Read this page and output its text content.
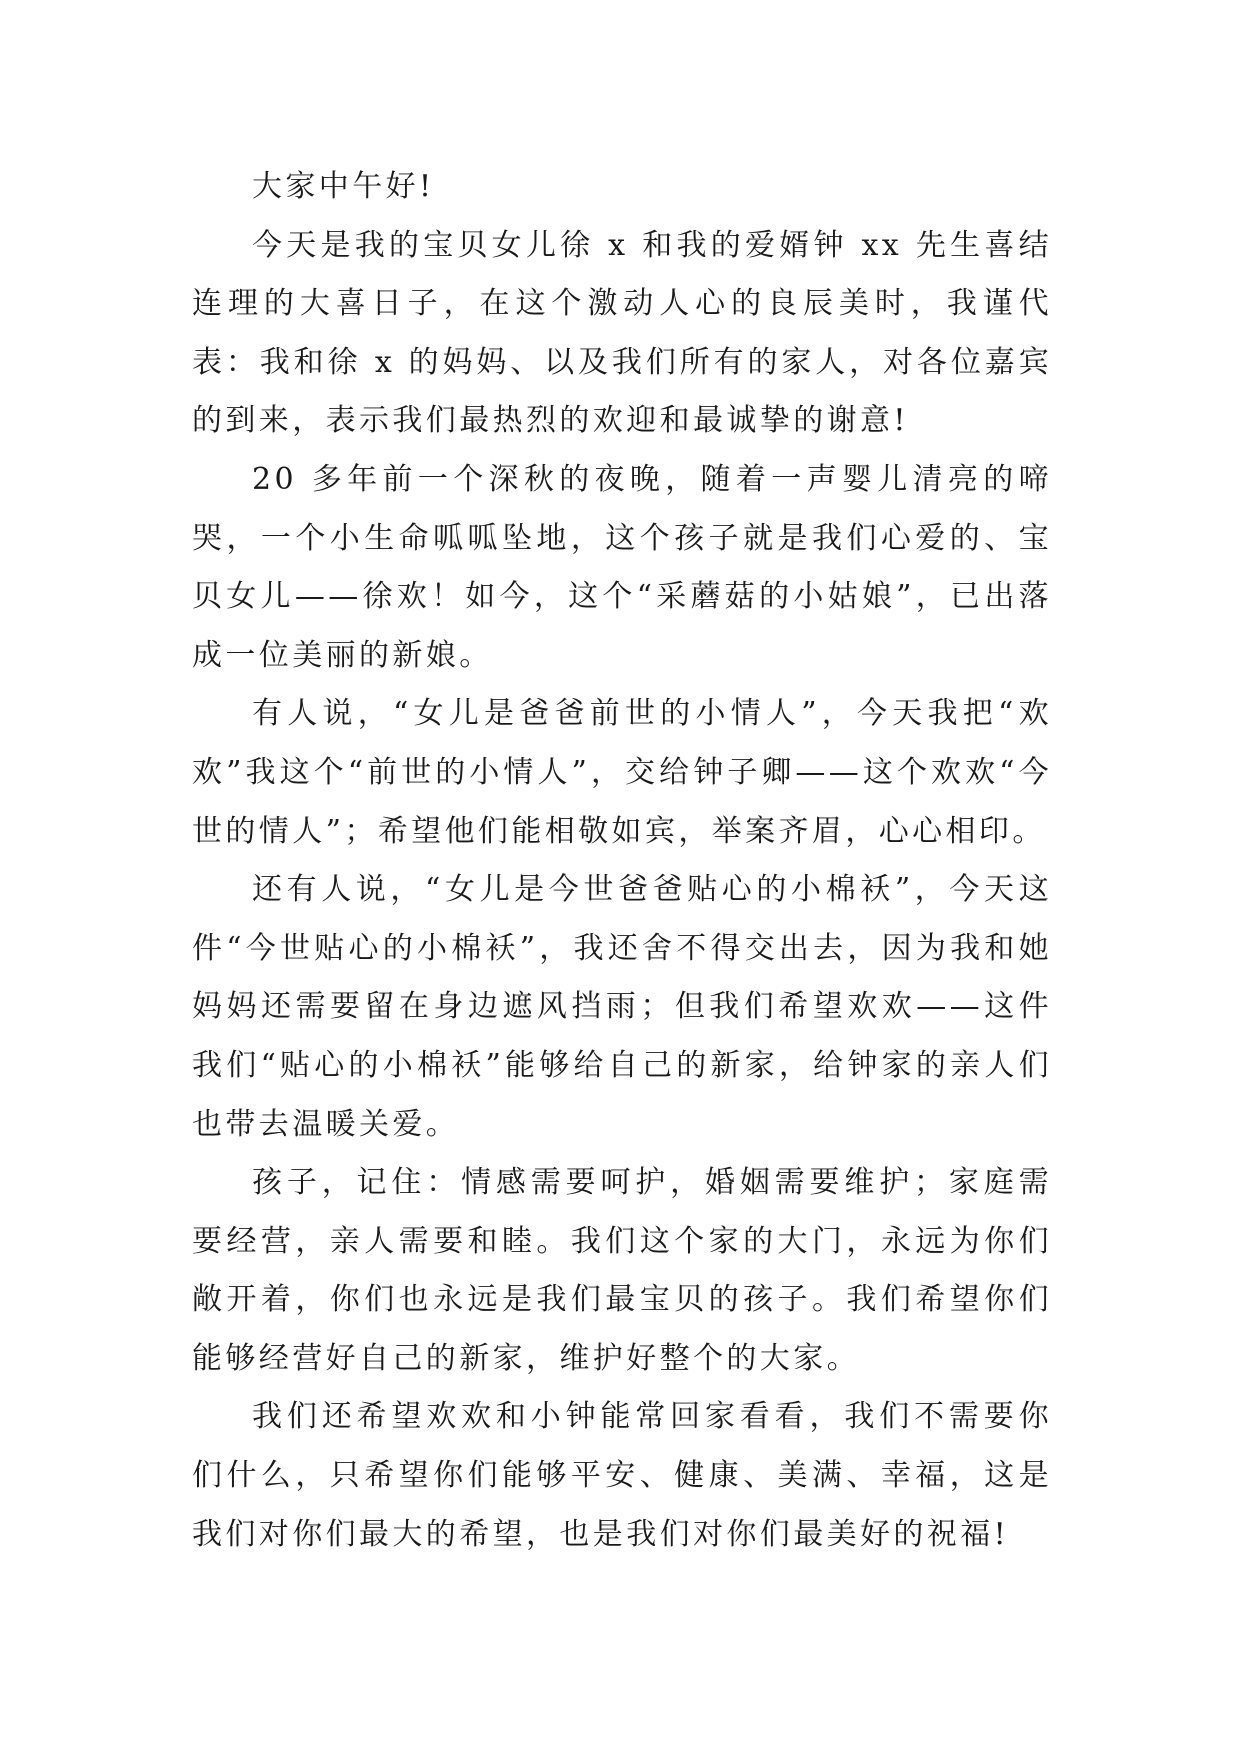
大家中午好!

今天是我的宝贝女儿徐 x 和我的爱婿钟 xx 先生喜结连理的大喜日子，在这个激动人心的良辰美时，我谨代表：我和徐 x 的妈妈、以及我们所有的家人，对各位嘉宾的到来，表示我们最热烈的欢迎和最诚挚的谢意!

20 多年前一个深秋的夜晚，随着一声婴儿清亮的啼哭，一个小生命呱呱坠地，这个孩子就是我们心爱的、宝贝女儿——徐欢！如今，这个“采蘑菇的小姑娘”，已出落成一位美丽的新娘。

有人说，“女儿是爸爸前世的小情人”，今天我把“欢欢”我这个“前世的小情人”，交给钟子卿——这个欢欢“今世的情人”；希望他们能相敬如宾，举案齐眉，心心相印。

还有人说，“女儿是今世爸爸贴心的小棉袄”，今天这件“今世贴心的小棉袄”，我还舍不得交出去，因为我和她妈妈还需要留在身边遮风挡雨；但我们希望欢欢——这件我们“贴心的小棉袄”能够给自己的新家，给钟家的亲人们也带去温暖关爱。

孩子，记住：情感需要呵护，婚姻需要维护；家庭需要经营，亲人需要和睦。我们这个家的大门，永远为你们敞开着，你们也永远是我们最宝贝的孩子。我们希望你们能够经营好自己的新家，维护好整个的大家。

我们还希望欢欢和小钟能常回家看看，我们不需要你们什么，只希望你们能够平安、健康、美满、幸福，这是我们对你们最大的希望，也是我们对你们最美好的祝福!
